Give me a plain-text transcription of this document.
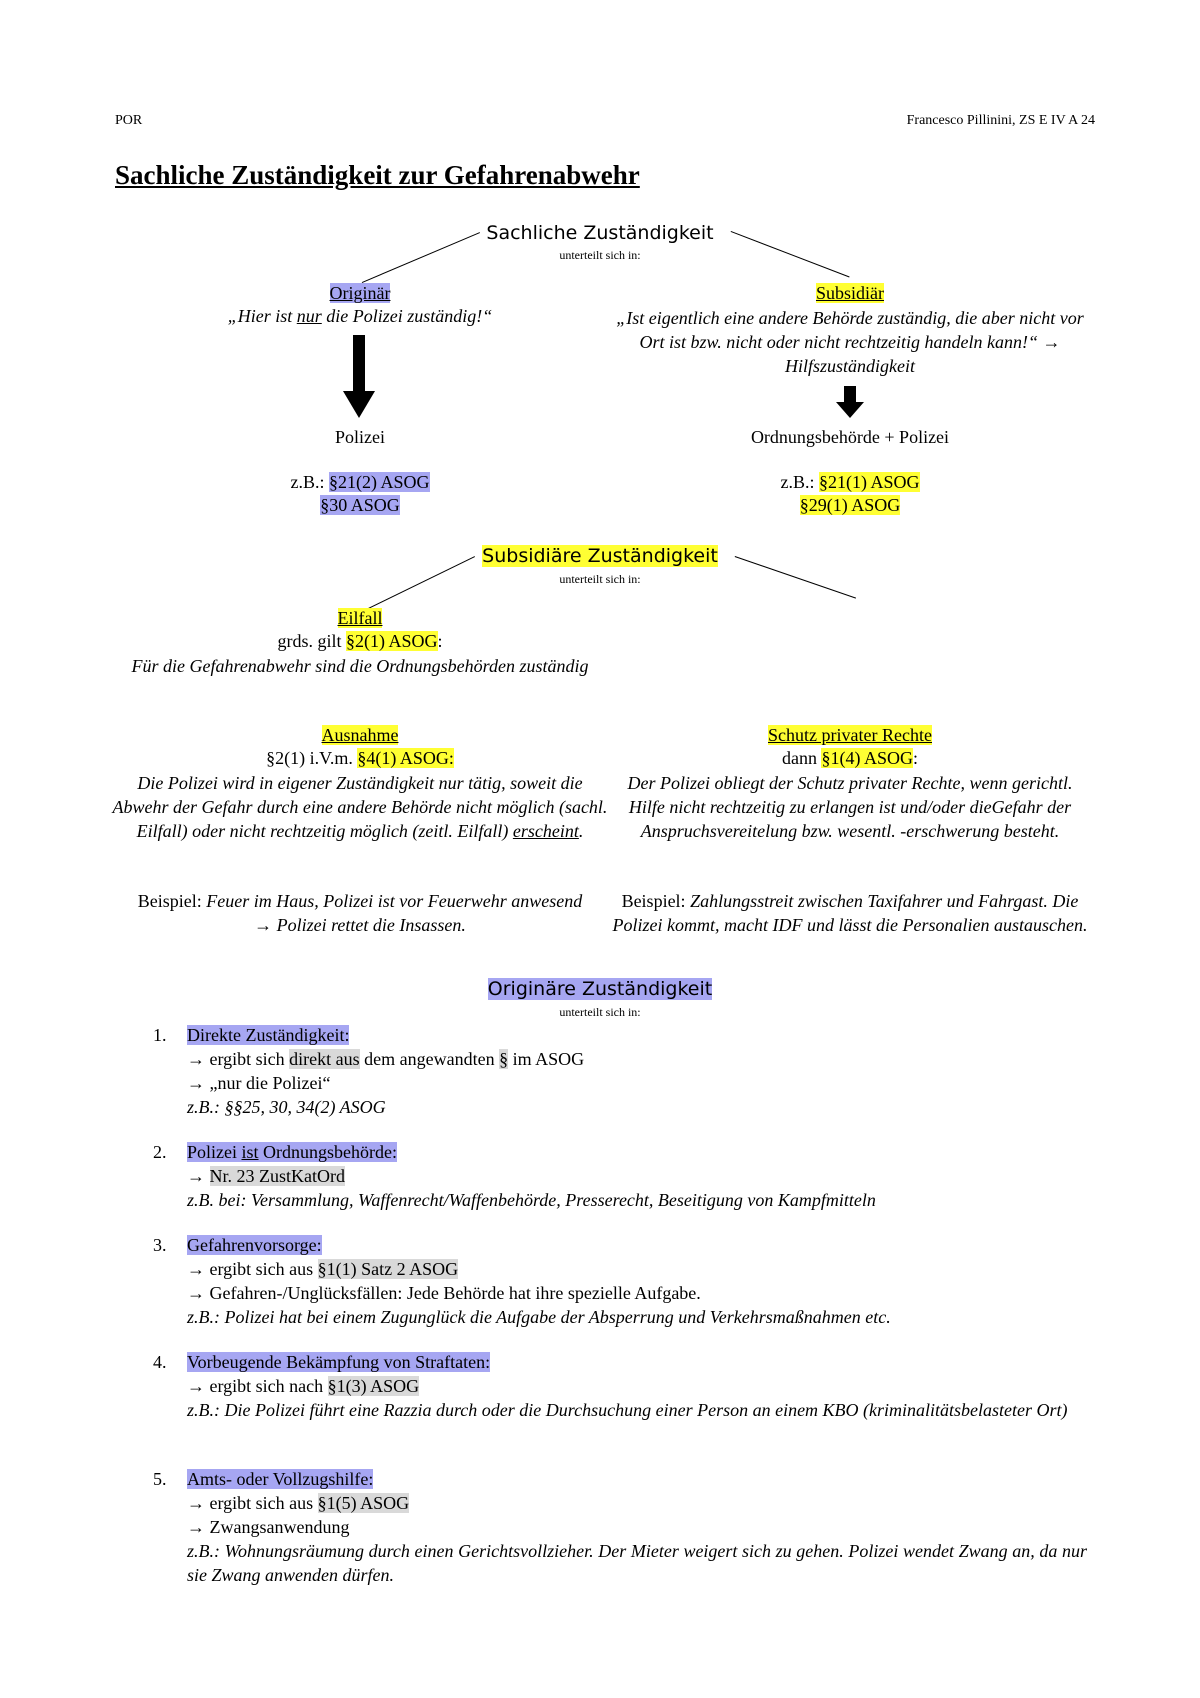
POR	Francesco Pillinini, ZS E IV A 24
Sachliche Zuständigkeit zur Gefahrenabwehr
Sachliche Zuständigkeit
unterteilt sich in:
Originär
„Hier ist nur die Polizei zuständig!“
Polizei
z.B.: §21(2) ASOG
§30 ASOG
Subsidiär
„Ist eigentlich eine andere Behörde zuständig, die aber nicht vor Ort ist bzw. nicht oder nicht rechtzeitig handeln kann!“ → Hilfszuständigkeit
Ordnungsbehörde + Polizei
z.B.: §21(1) ASOG
§29(1) ASOG
Subsidiäre Zuständigkeit
unterteilt sich in:
Eilfall
grds. gilt §2(1) ASOG:
Für die Gefahrenabwehr sind die Ordnungsbehörden zuständig
Ausnahme
§2(1) i.V.m. §4(1) ASOG:
Die Polizei wird in eigener Zuständigkeit nur tätig, soweit die Abwehr der Gefahr durch eine andere Behörde nicht möglich (sachl. Eilfall) oder nicht rechtzeitig möglich (zeitl. Eilfall) erscheint.
Beispiel: Feuer im Haus, Polizei ist vor Feuerwehr anwesend → Polizei rettet die Insassen.
Schutz privater Rechte
dann §1(4) ASOG:
Der Polizei obliegt der Schutz privater Rechte, wenn gerichtl. Hilfe nicht rechtzeitig zu erlangen ist und/oder dieGefahr der Anspruchsvereitelung bzw. wesentl. -erschwerung besteht.
Beispiel: Zahlungsstreit zwischen Taxifahrer und Fahrgast. Die Polizei kommt, macht IDF und lässt die Personalien austauschen.
Originäre Zuständigkeit
unterteilt sich in:
1. Direkte Zuständigkeit:
→ ergibt sich direkt aus dem angewandten § im ASOG
→ „nur die Polizei“
z.B.: §§25, 30, 34(2) ASOG
2. Polizei ist Ordnungsbehörde:
→ Nr. 23 ZustKatOrd
z.B. bei: Versammlung, Waffenrecht/Waffenbehörde, Presserecht, Beseitigung von Kampfmitteln
3. Gefahrenvorsorge:
→ ergibt sich aus §1(1) Satz 2 ASOG
→ Gefahren-/Unglücksfällen: Jede Behörde hat ihre spezielle Aufgabe.
z.B.: Polizei hat bei einem Zugunglück die Aufgabe der Absperrung und Verkehrsmaßnahmen etc.
4. Vorbeugende Bekämpfung von Straftaten:
→ ergibt sich nach §1(3) ASOG
z.B.: Die Polizei führt eine Razzia durch oder die Durchsuchung einer Person an einem KBO (kriminalitätsbelasteter Ort)
5. Amts- oder Vollzugshilfe:
→ ergibt sich aus §1(5) ASOG
→ Zwangsanwendung
z.B.: Wohnungsräumung durch einen Gerichtsvollzieher. Der Mieter weigert sich zu gehen. Polizei wendet Zwang an, da nur sie Zwang anwenden dürfen.
